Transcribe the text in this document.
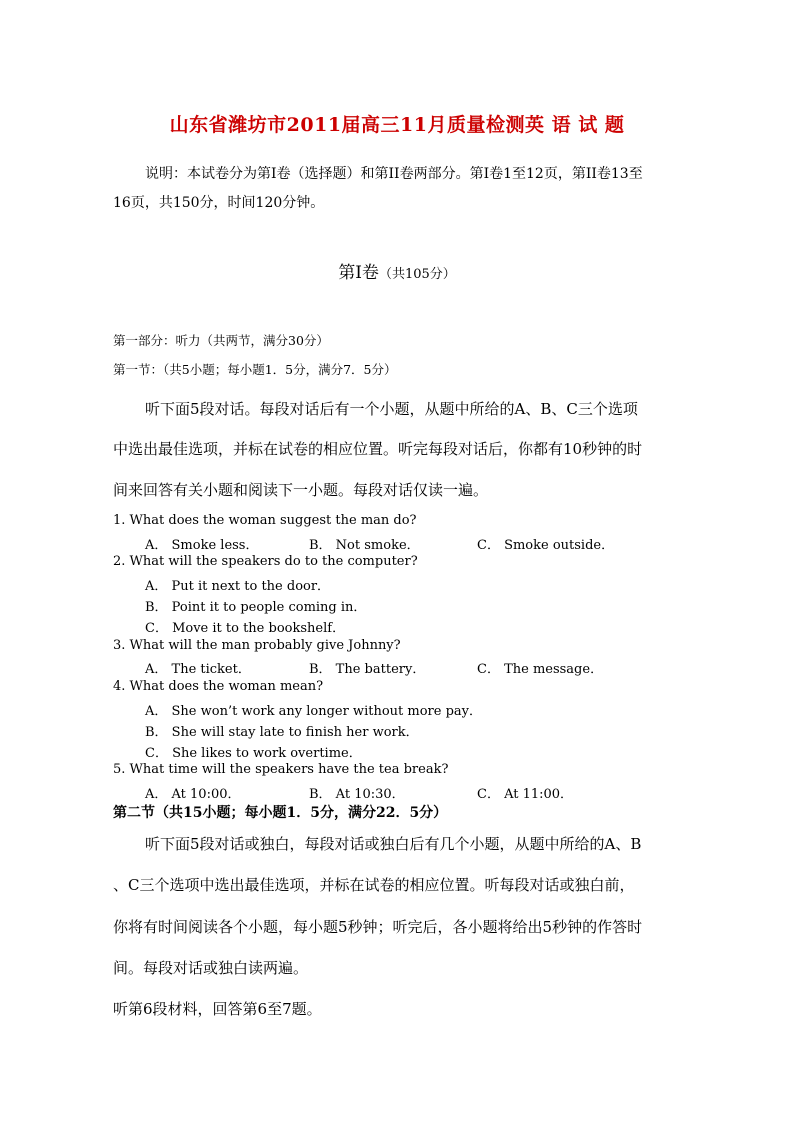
山东省潍坊市2011届高三11月质量检测英 语 试 题
说明：本试卷分为第I卷（选择题）和第II卷两部分。第I卷1至12页，第II卷13至
16页，共150分，时间120分钟。
第I卷（共105分）
第一部分：听力（共两节，满分30分）
第一节：（共5小题；每小题1．5分，满分7．5分）
听下面5段对话。每段对话后有一个小题，从题中所给的A、B、C三个选项
中选出最佳选项，并标在试卷的相应位置。听完每段对话后，你都有10秒钟的时
间来回答有关小题和阅读下一小题。每段对话仅读一遍。
1. What does the woman suggest the man do?
A． Smoke less．	B． Not smoke．	C． Smoke outside．
2. What will the speakers do to the computer?
A． Put it next to the door．
B． Point it to people coming in．
C． Move it to the bookshelf．
3. What will the man probably give Johnny?
A． The ticket．	B． The battery．	C． The message．
4. What does the woman mean?
A． She won’t work any longer without more pay．
B． She will stay late to finish her work．
C． She likes to work overtime．
5. What time will the speakers have the tea break?
A． At 10:00．	B． At 10:30．	C． At 11:00．
第二节（共15小题；每小题1．5分，满分22．5分）
听下面5段对话或独白，每段对话或独白后有几个小题，从题中所给的A、B
、C三个选项中选出最佳选项，并标在试卷的相应位置。听每段对话或独白前，
你将有时间阅读各个小题，每小题5秒钟；听完后，各小题将给出5秒钟的作答时
间。每段对话或独白读两遍。
听第6段材料，回答第6至7题。
